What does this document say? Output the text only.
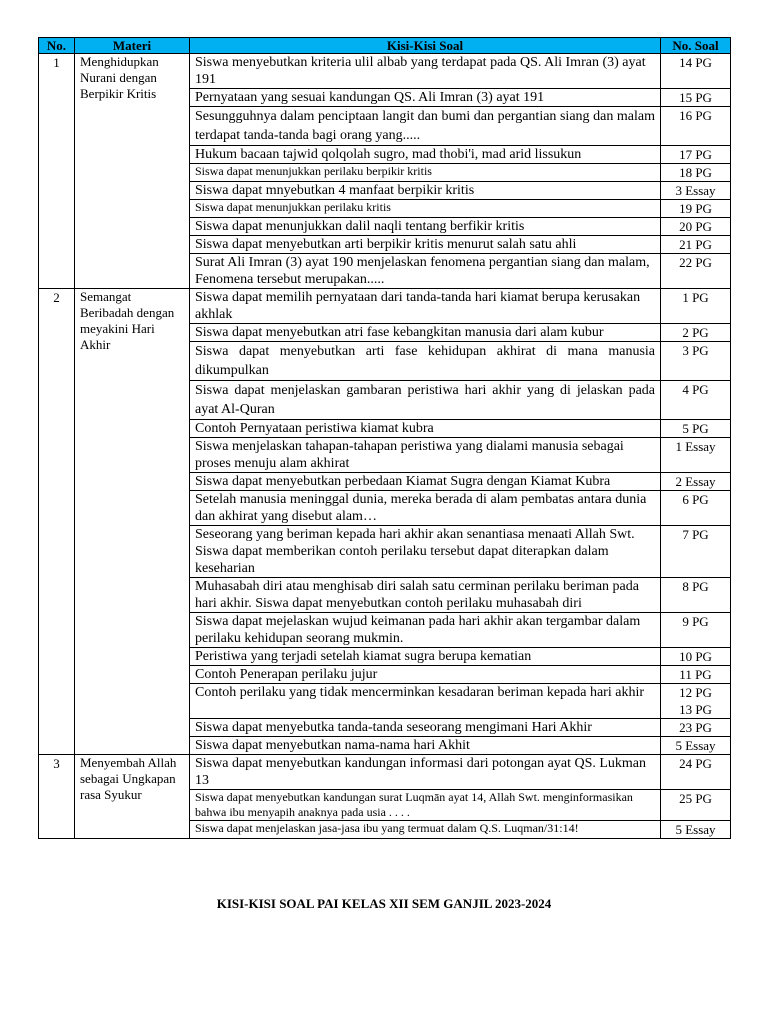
No.	Materi	Kisi-Kisi Soal	No. Soal
1	Menghidupkan Nurani dengan Berpikir Kritis	Siswa menyebutkan kriteria ulil albab yang terdapat pada QS. Ali Imran (3) ayat 191	14 PG

		Pernyataan yang sesuai kandungan QS. Ali Imran (3) ayat 191	15 PG

		Sesungguhnya dalam penciptaan langit dan bumi dan pergantian siang dan malam terdapat tanda-tanda bagi orang yang.....	16 PG

		Hukum bacaan tajwid qolqolah sugro, mad thobi'i, mad arid lissukun	17 PG

		Siswa dapat menunjukkan perilaku berpikir kritis	18 PG

		Siswa dapat mnyebutkan 4 manfaat berpikir kritis	3 Essay

		Siswa dapat menunjukkan perilaku kritis	19 PG

		Siswa dapat menunjukkan dalil naqli tentang berfikir kritis	20 PG

		Siswa dapat menyebutkan arti berpikir kritis menurut salah satu ahli	21 PG

		Surat Ali Imran (3) ayat 190 menjelaskan fenomena pergantian siang dan malam, Fenomena tersebut merupakan.....	22 PG

2	Semangat Beribadah dengan meyakini Hari Akhir	Siswa dapat memilih pernyataan dari tanda-tanda hari kiamat berupa kerusakan akhlak	1 PG

		Siswa dapat menyebutkan atri fase kebangkitan manusia dari alam kubur	2 PG

		Siswa dapat menyebutkan arti fase kehidupan akhirat di mana manusia dikumpulkan	3 PG

		Siswa dapat menjelaskan gambaran peristiwa hari akhir yang di jelaskan pada ayat Al-Quran	4 PG

		Contoh Pernyataan peristiwa kiamat kubra	5 PG

		Siswa menjelaskan tahapan-tahapan peristiwa yang dialami manusia sebagai proses menuju alam akhirat	1 Essay

		Siswa dapat menyebutkan perbedaan Kiamat Sugra dengan Kiamat Kubra	2 Essay

		Setelah manusia meninggal dunia, mereka berada di alam pembatas antara dunia dan akhirat yang disebut alam…	6 PG

		Seseorang yang beriman kepada hari akhir akan senantiasa menaati Allah Swt. Siswa dapat memberikan contoh perilaku tersebut dapat diterapkan dalam keseharian	7 PG

		Muhasabah diri atau menghisab diri salah satu cerminan perilaku beriman pada hari akhir. Siswa dapat menyebutkan contoh perilaku muhasabah diri	8 PG

		Siswa dapat mejelaskan wujud keimanan pada hari akhir akan tergambar dalam perilaku kehidupan seorang mukmin.	9 PG

		Peristiwa yang terjadi setelah kiamat sugra berupa kematian	10 PG

		Contoh Penerapan perilaku jujur	11 PG

		Contoh perilaku yang tidak mencerminkan kesadaran beriman kepada hari akhir	12 PG
13 PG

		Siswa dapat menyebutka tanda-tanda seseorang mengimani Hari Akhir	23 PG

		Siswa dapat menyebutkan nama-nama hari Akhit	5 Essay

3	Menyembah Allah sebagai Ungkapan rasa Syukur	Siswa dapat menyebutkan kandungan informasi dari potongan ayat QS. Lukman 13	24 PG

		Siswa dapat menyebutkan kandungan surat Luqmān ayat 14, Allah Swt. menginformasikan bahwa ibu menyapih anaknya pada usia . . . .	25 PG

		Siswa dapat menjelaskan jasa-jasa ibu yang termuat dalam Q.S. Luqman/31:14!	5 Essay
KISI-KISI SOAL PAI KELAS XII SEM GANJIL 2023-2024
